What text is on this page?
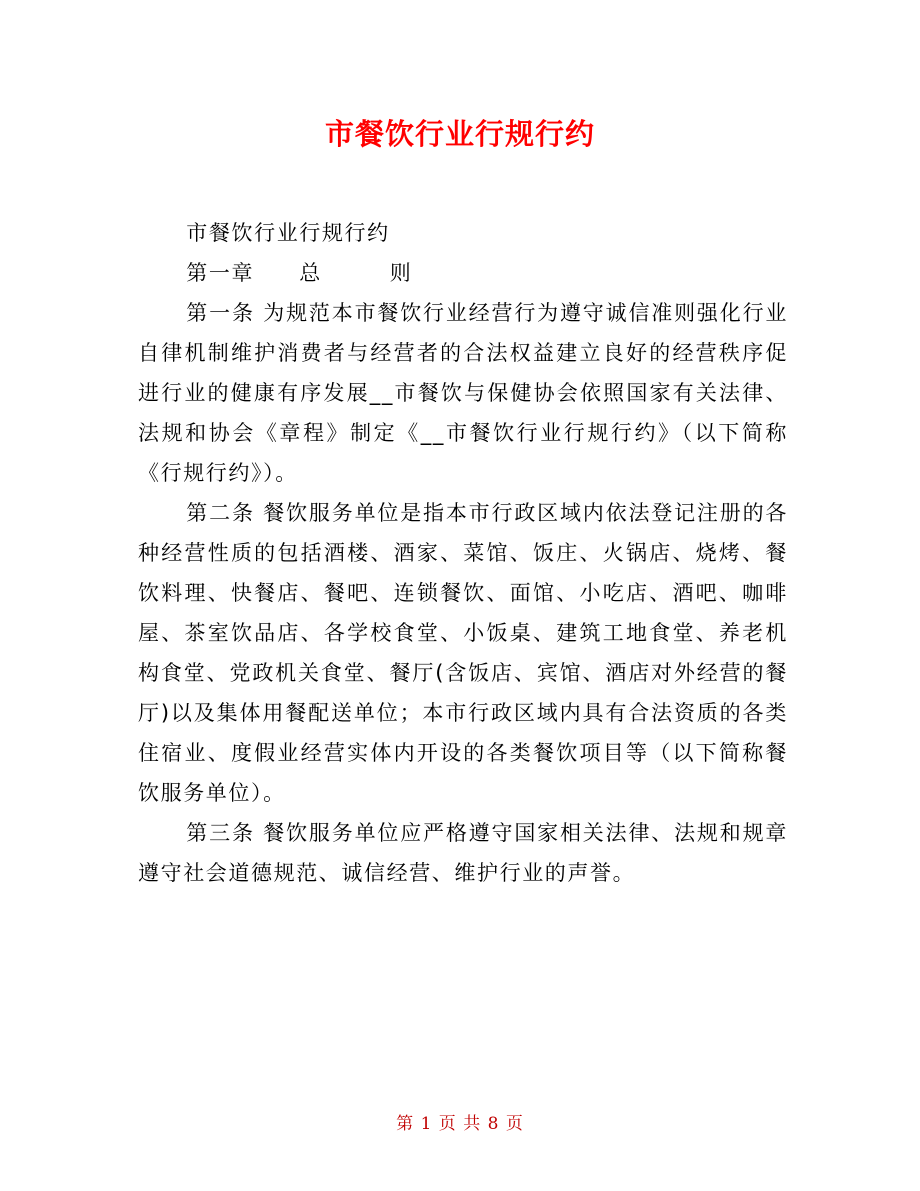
市餐饮行业行规行约

市餐饮行业行规行约

第一章　　总　　　则

第一条 为规范本市餐饮行业经营行为遵守诚信准则强化行业自律机制维护消费者与经营者的合法权益建立良好的经营秩序促进行业的健康有序发展__市餐饮与保健协会依照国家有关法律、法规和协会《章程》制定《__市餐饮行业行规行约》（以下简称《行规行约》）。

第二条 餐饮服务单位是指本市行政区域内依法登记注册的各种经营性质的包括酒楼、酒家、菜馆、饭庄、火锅店、烧烤、餐饮料理、快餐店、餐吧、连锁餐饮、面馆、小吃店、酒吧、咖啡屋、茶室饮品店、各学校食堂、小饭桌、建筑工地食堂、养老机构食堂、党政机关食堂、餐厅(含饭店、宾馆、酒店对外经营的餐厅)以及集体用餐配送单位；本市行政区域内具有合法资质的各类住宿业、度假业经营实体内开设的各类餐饮项目等（以下简称餐饮服务单位）。

第三条 餐饮服务单位应严格遵守国家相关法律、法规和规章遵守社会道德规范、诚信经营、维护行业的声誉。

第 1 页 共 8 页
